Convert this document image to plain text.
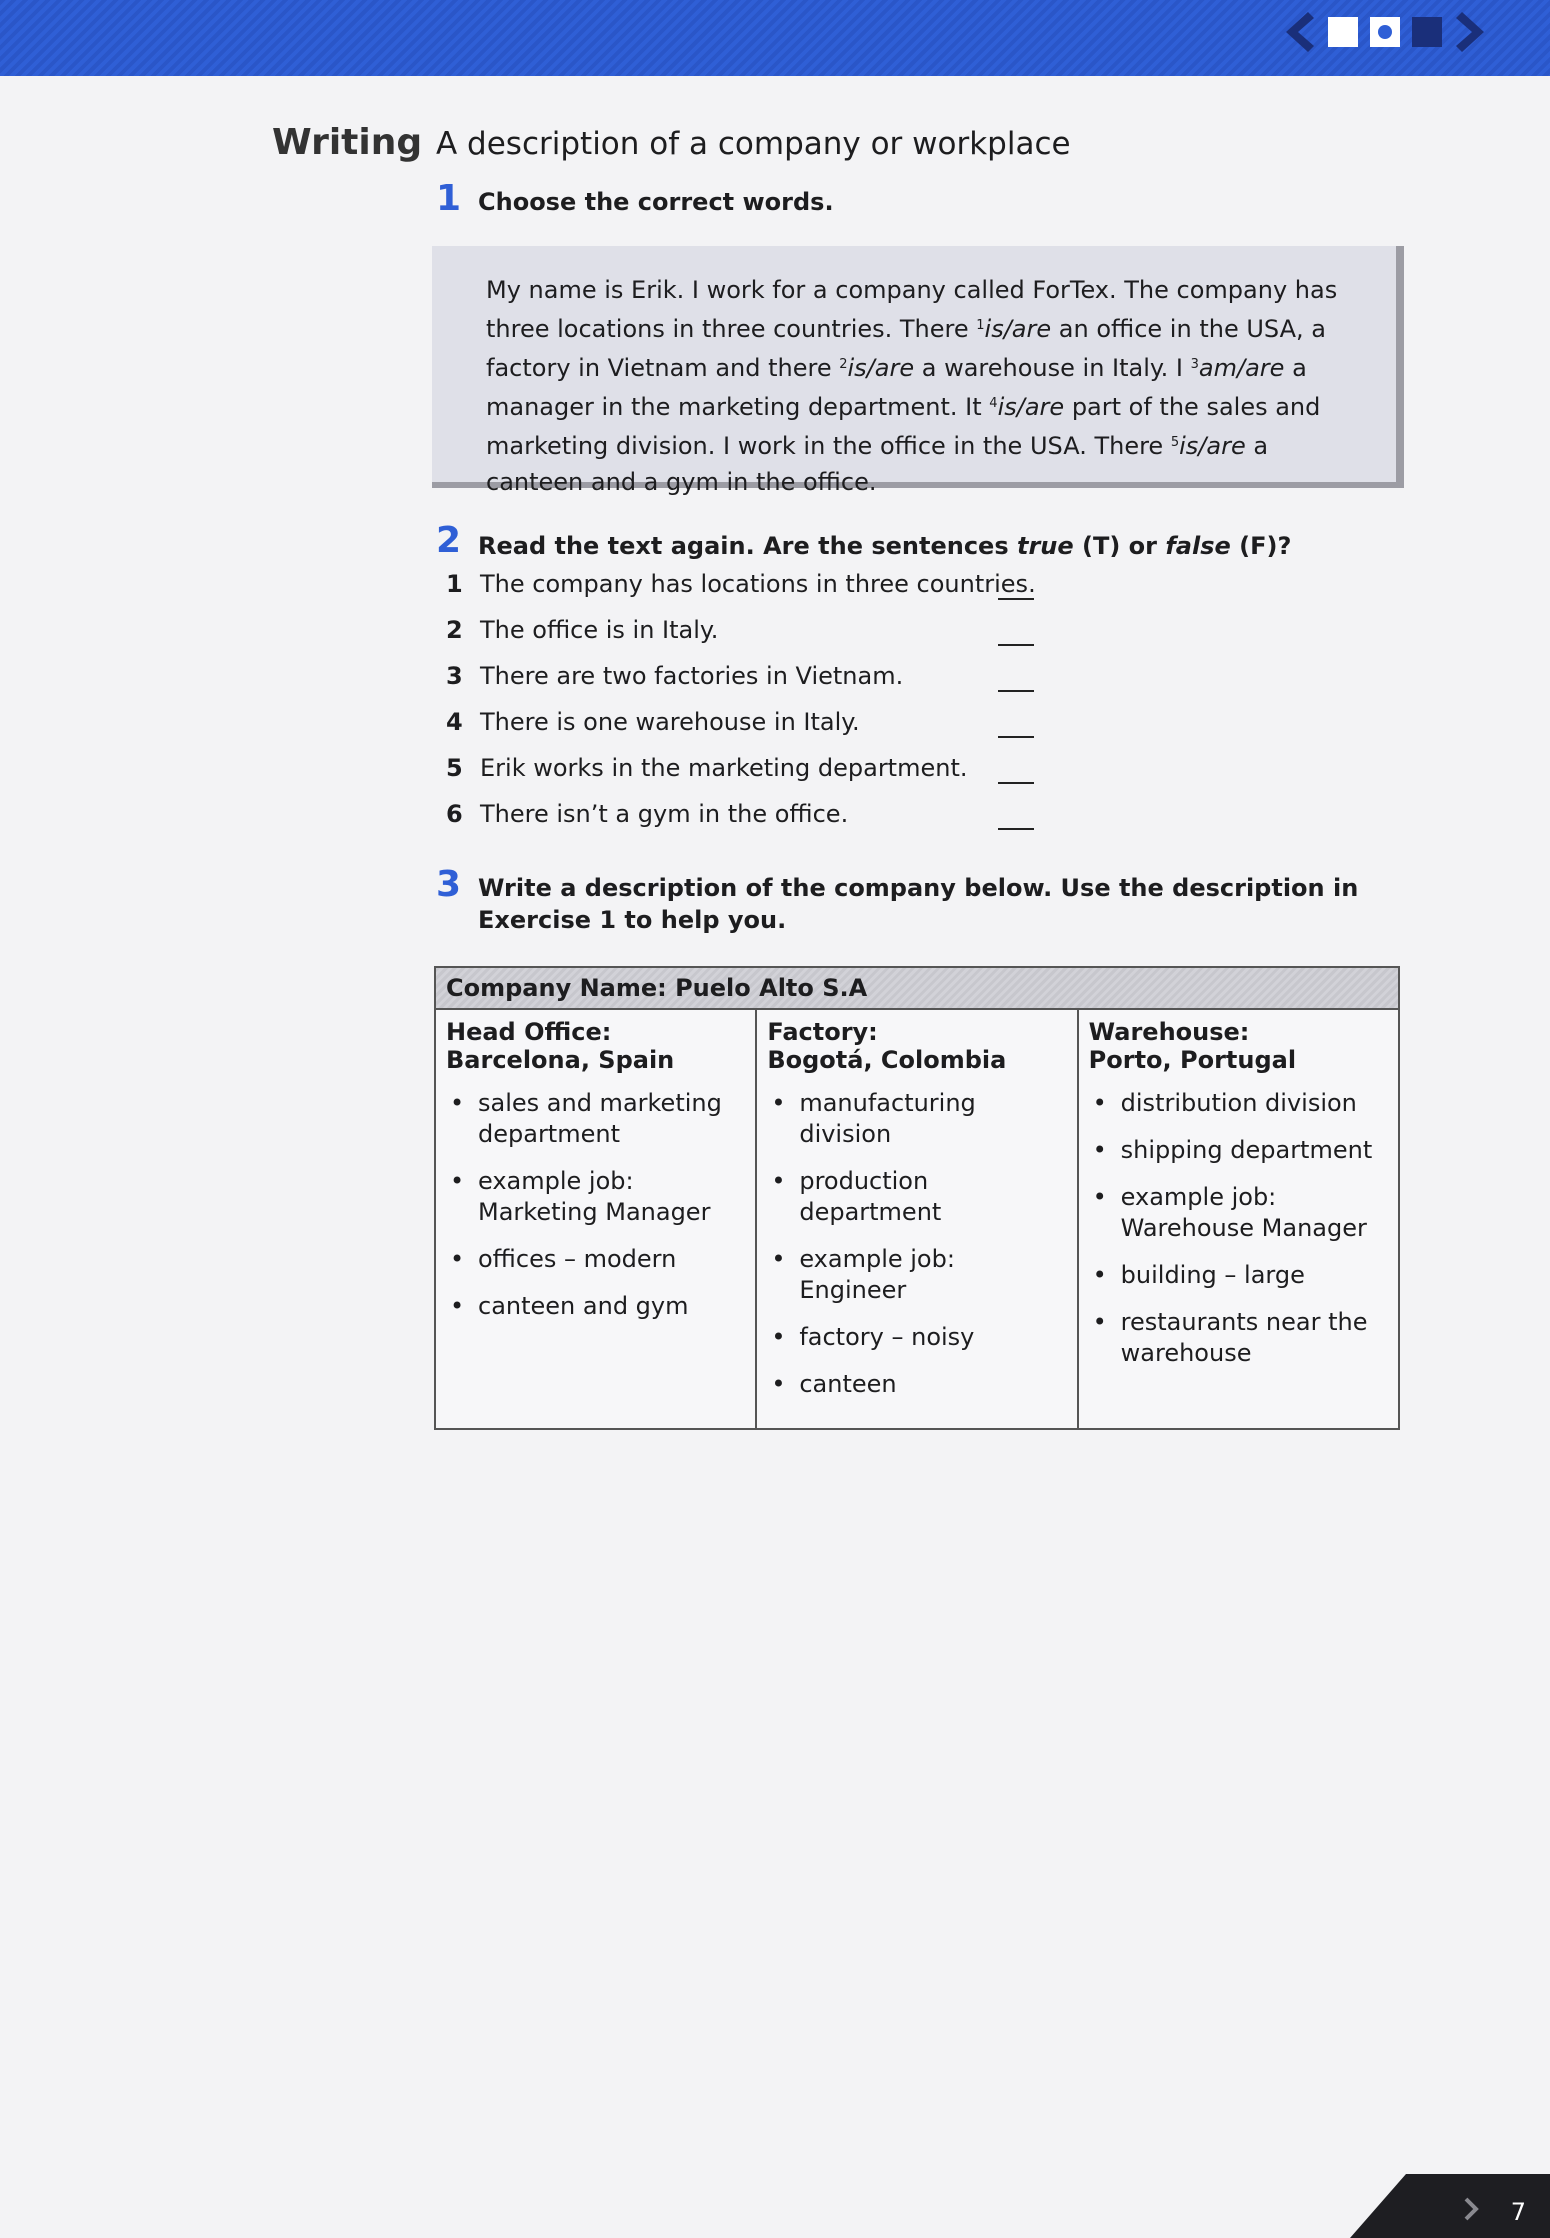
Writing A description of a company or workplace
1 Choose the correct words.

My name is Erik. I work for a company called ForTex. The company has three locations in three countries. There $^1$is/are an office in the USA, a factory in Vietnam and there $^2$is/are a warehouse in Italy. I $^3$am/are a manager in the marketing department. It $^4$is/are part of the sales and marketing division. I work in the office in the USA. There $^5$is/are a canteen and a gym in the office.

2 Read the text again. Are the sentences true (T) or false (F)?
1 The company has locations in three countries.
2 The office is in Italy.
3 There are two factories in Vietnam.
4 There is one warehouse in Italy.
5 Erik works in the marketing department.
6 There isn’t a gym in the office.
3 Write a description of the company below. Use the description in Exercise 1 to help you.
Company Name: Puelo Alto S.A

Head Office:
Barcelona, Spain
• sales and marketing department
• example job: Marketing Manager
• offices – modern
• canteen and gym

Factory:
Bogotá, Colombia
• manufacturing division
• production department
• example job: Engineer
• factory – noisy
• canteen

Warehouse:
Porto, Portugal
• distribution division
• shipping department
• example job: Warehouse Manager
• building – large
• restaurants near the warehouse
7
